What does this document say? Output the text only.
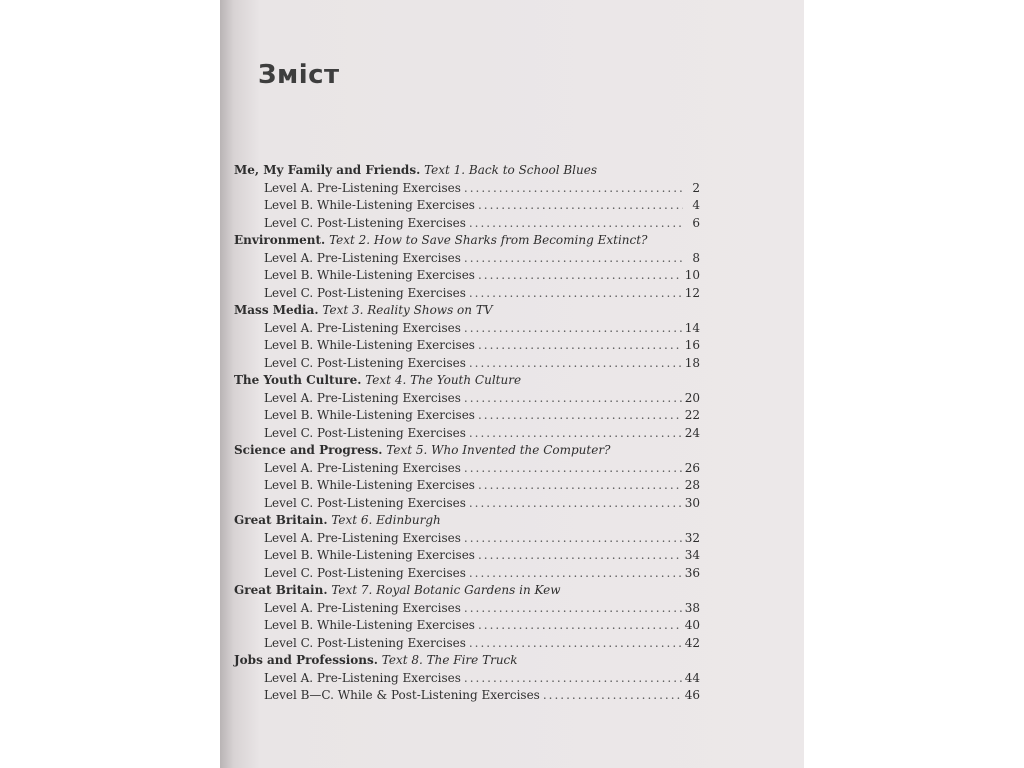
Зміст
Me, My Family and Friends. Text 1. Back to School Blues
Level A. Pre-Listening Exercises .....	2
Level B. While-Listening Exercises .....	4
Level C. Post-Listening Exercises .....	6
Environment. Text 2. How to Save Sharks from Becoming Extinct?
Level A. Pre-Listening Exercises .....	8
Level B. While-Listening Exercises .....	10
Level C. Post-Listening Exercises .....	12
Mass Media. Text 3. Reality Shows on TV
Level A. Pre-Listening Exercises .....	14
Level B. While-Listening Exercises .....	16
Level C. Post-Listening Exercises .....	18
The Youth Culture. Text 4. The Youth Culture
Level A. Pre-Listening Exercises .....	20
Level B. While-Listening Exercises .....	22
Level C. Post-Listening Exercises .....	24
Science and Progress. Text 5. Who Invented the Computer?
Level A. Pre-Listening Exercises .....	26
Level B. While-Listening Exercises .....	28
Level C. Post-Listening Exercises .....	30
Great Britain. Text 6. Edinburgh
Level A. Pre-Listening Exercises .....	32
Level B. While-Listening Exercises .....	34
Level C. Post-Listening Exercises .....	36
Great Britain. Text 7. Royal Botanic Gardens in Kew
Level A. Pre-Listening Exercises .....	38
Level B. While-Listening Exercises .....	40
Level C. Post-Listening Exercises .....	42
Jobs and Professions. Text 8. The Fire Truck
Level A. Pre-Listening Exercises .....	44
Level B—C. While & Post-Listening Exercises .....	46
